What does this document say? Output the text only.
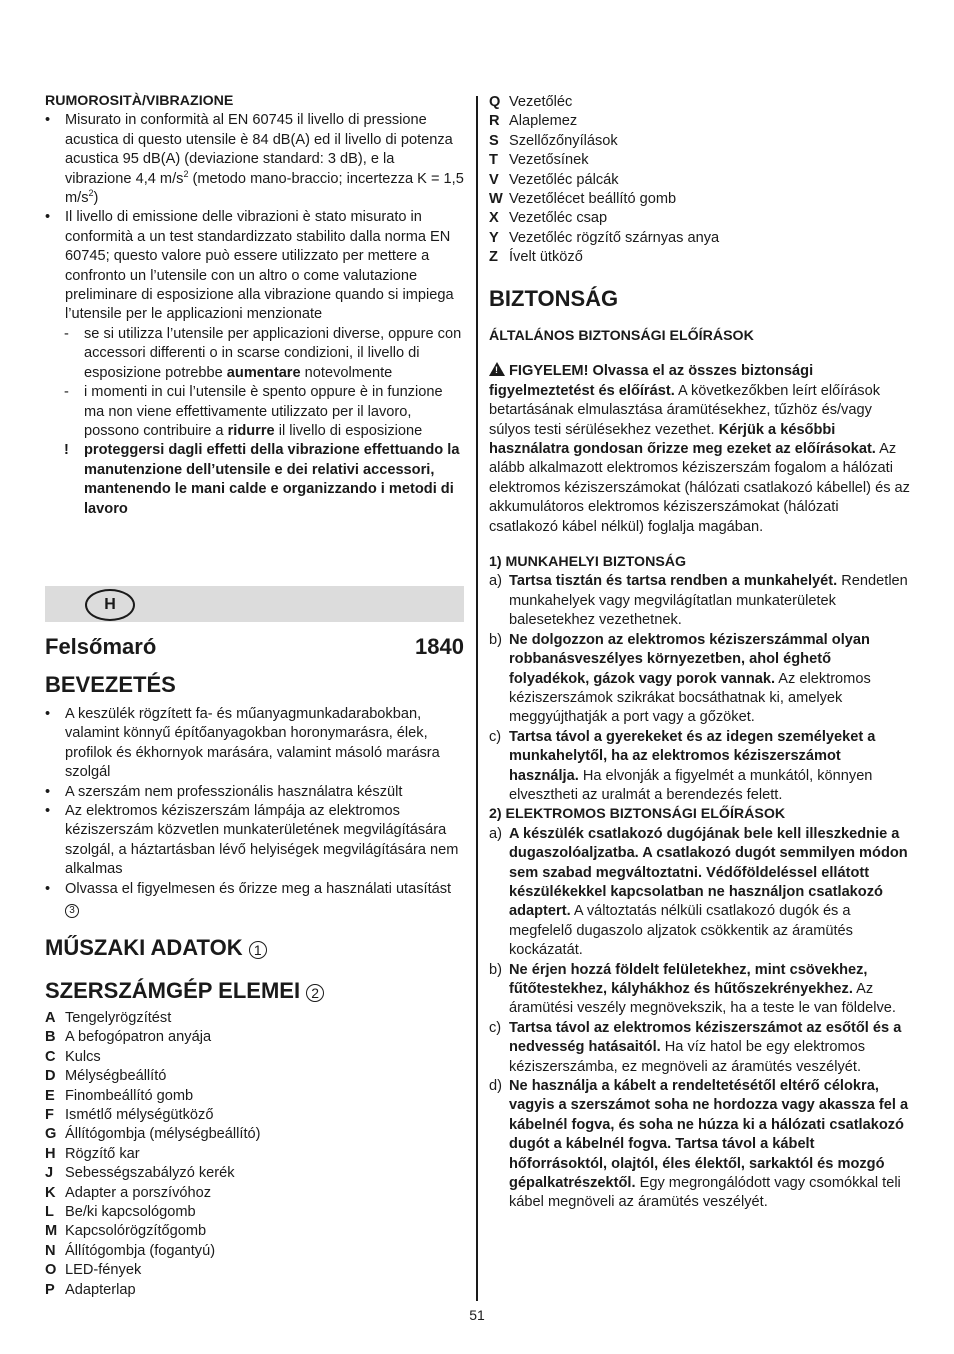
RUMOROSITÀ/VIBRAZIONE

• Misurato in conformità al EN 60745 il livello di pressione acustica di questo utensile è 84 dB(A) ed il livello di potenza acustica 95 dB(A) (deviazione standard: 3 dB), e la vibrazione 4,4 $m/s^2$ (metodo mano-braccio; incertezza K = 1,5 $m/s^2$)
• Il livello di emissione delle vibrazioni è stato misurato in conformità a un test standardizzato stabilito dalla norma EN 60745; questo valore può essere utilizzato per mettere a confronto un l’utensile con un altro o come valutazione preliminare di esposizione alla vibrazione quando si impiega l’utensile per le applicazioni menzionate
- se si utilizza l’utensile per applicazioni diverse, oppure con accessori differenti o in scarse condizioni, il livello di esposizione potrebbe aumentare notevolmente
- i momenti in cui l’utensile è spento oppure è in funzione ma non viene effettivamente utilizzato per il lavoro, possono contribuire a ridurre il livello di esposizione
! proteggersi dagli effetti della vibrazione effettuando la manutenzione dell’utensile e dei relativi accessori, mantenendo le mani calde e organizzando i metodi di lavoro
H
Felsőmaró	1840

BEVEZETÉS

• A keszülék rögzített fa- és műanyagmunkadarabokban, valamint könnyű építőanyagokban horonymarásra, élek, profilok és ékhornyok marására, valamint másoló marásra szolgál
• A szerszám nem professzionális használatra készült
• Az elektromos kéziszerszám lámpája az elektromos kéziszerszám közvetlen munkaterületének megvilágítására szolgál, a háztartásban lévő helyiségek megvilágítására nem alkalmas
• Olvassa el figyelmesen és őrizze meg a használati utasítást 3

MŰSZAKI ADATOK 1

SZERSZÁMGÉP ELEMEI 2

A Tengelyrögzítést
B A befogópatron anyája
C Kulcs
D Mélységbeállító
E Finombeállító gomb
F Ismétlő mélységütköző
G Állítógombja (mélységbeállító)
H Rögzítő kar
J Sebességszabályzó kerék
K Adapter a porszívóhoz
L Be/ki kapcsológomb
M Kapcsolórögzítőgomb
N Állítógombja (fogantyú)
O LED-fények
P Adapterlap
Q Vezetőléc
R Alaplemez
S Szellőzőnyílások
T Vezetősínek
V Vezetőléc pálcák
W Vezetőlécet beállító gomb
X Vezetőléc csap
Y Vezetőléc rögzítő szárnyas anya
Z Ívelt ütköző

BIZTONSÁG

ÁLTALÁNOS BIZTONSÁGI ELŐÍRÁSOK

! FIGYELEM! Olvassa el az összes biztonsági figyelmeztetést és előírást. A következőkben leírt előírások betartásának elmulasztása áramütésekhez, tűzhöz és/vagy súlyos testi sérülésekhez vezethet. Kérjük a későbbi használatra gondosan őrizze meg ezeket az előírásokat. Az alább alkalmazott elektromos kéziszerszám fogalom a hálózati elektromos kéziszerszámokat (hálózati csatlakozó kábellel) és az akkumulátoros elektromos kéziszerszámokat (hálózati csatlakozó kábel nélkül) foglalja magában.

1) MUNKAHELYI BIZTONSÁG

a) Tartsa tisztán és tartsa rendben a munkahelyét. Rendetlen munkahelyek vagy megvilágítatlan munkaterületek balesetekhez vezethetnek.
b) Ne dolgozzon az elektromos kéziszerszámmal olyan robbanásveszélyes környezetben, ahol éghető folyadékok, gázok vagy porok vannak. Az elektromos kéziszerszámok szikrákat bocsáthatnak ki, amelyek meggyújthatják a port vagy a gőzöket.
c) Tartsa távol a gyerekeket és az idegen személyeket a munkahelytől, ha az elektromos kéziszerszámot használja. Ha elvonják a figyelmét a munkától, könnyen elvesztheti az uralmát a berendezés felett.

2) ELEKTROMOS BIZTONSÁGI ELŐÍRÁSOK

a) A készülék csatlakozó dugójának bele kell illeszkednie a dugaszolóaljzatba. A csatlakozó dugót semmilyen módon sem szabad megváltoztatni. Védőföldeléssel ellátott készülékekkel kapcsolatban ne használjon csatlakozó adaptert. A változtatás nélküli csatlakozó dugók és a megfelelő dugaszolo aljzatok csökkentik az áramütés kockázatát.
b) Ne érjen hozzá földelt felületekhez, mint csövekhez, fűtőtestekhez, kályhákhoz és hűtőszekrényekhez. Az áramütési veszély megnövekszik, ha a teste le van földelve.
c) Tartsa távol az elektromos kéziszerszámot az esőtől és a nedvesség hatásaitól. Ha víz hatol be egy elektromos kéziszerszámba, ez megnöveli az áramütés veszélyét.
d) Ne használja a kábelt a rendeltetésétől eltérő célokra, vagyis a szerszámot soha ne hordozza vagy akassza fel a kábelnél fogva, és soha ne húzza ki a hálózati csatlakozó dugót a kábelnél fogva. Tartsa távol a kábelt hőforrásoktól, olajtól, éles élektől, sarkaktól és mozgó gépalkatrészektől. Egy megrongálódott vagy csomókkal teli kábel megnöveli az áramütés veszélyét.
51
